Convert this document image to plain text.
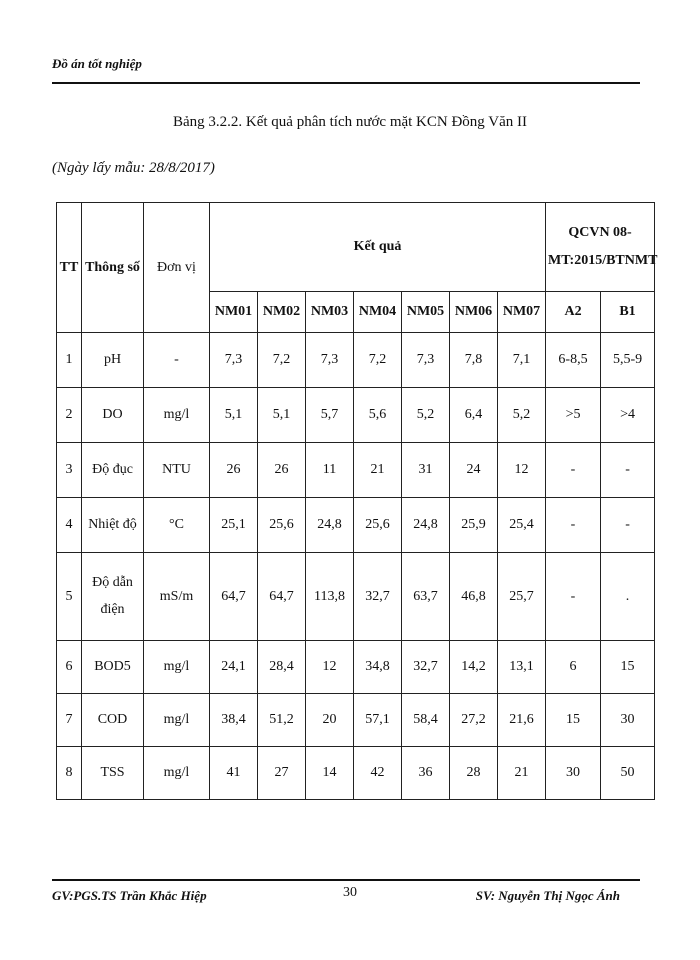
Đồ án tốt nghiệp
Bảng 3.2.2. Kết quả phân tích nước mặt KCN Đồng Văn II
(Ngày lấy mẫu: 28/8/2017)
TT	Thông số	Đơn vị	Kết quả							QCVN 08-MT:2015/BTNMT	
			NM01	NM02	NM03	NM04	NM05	NM06	NM07	A2	B1
1	pH	-	7,3	7,2	7,3	7,2	7,3	7,8	7,1	6-8,5	5,5-9
2	DO	mg/l	5,1	5,1	5,7	5,6	5,2	6,4	5,2	>5	>4
3	Độ đục	NTU	26	26	11	21	31	24	12	-	-
4	Nhiệt độ	°C	25,1	25,6	24,8	25,6	24,8	25,9	25,4	-	-
5	Độ dẫn điện	mS/m	64,7	64,7	113,8	32,7	63,7	46,8	25,7	-	.
6	BOD5	mg/l	24,1	28,4	12	34,8	32,7	14,2	13,1	6	15
7	COD	mg/l	38,4	51,2	20	57,1	58,4	27,2	21,6	15	30
8	TSS	mg/l	41	27	14	42	36	28	21	30	50
GV:PGS.TS Trần Khắc Hiệp	30	SV: Nguyễn Thị Ngọc Ánh
